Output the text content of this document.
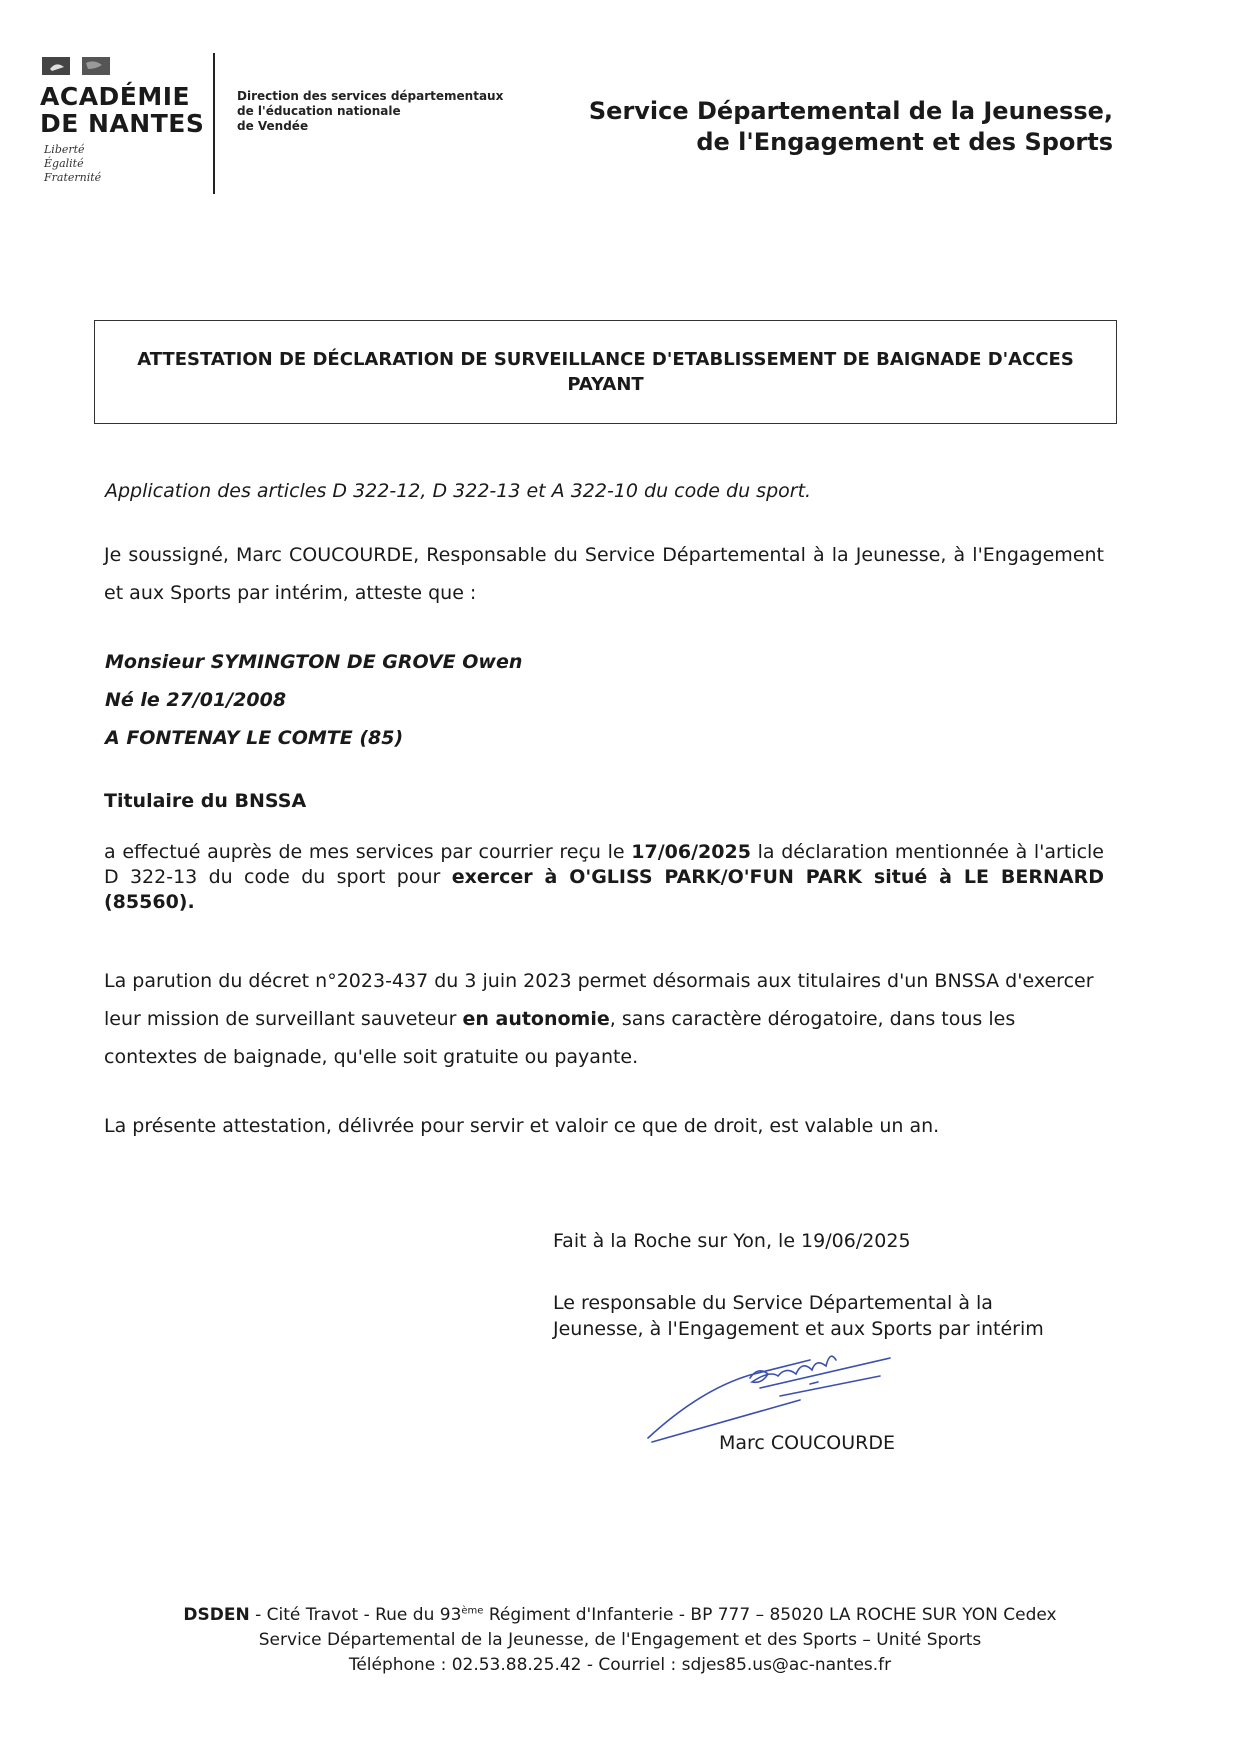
ACADÉMIE
DE NANTES
Liberté
Égalité
Fraternité
Direction des services départementaux
de l'éducation nationale
de Vendée
Service Départemental de la Jeunesse,
de l'Engagement et des Sports
ATTESTATION DE DÉCLARATION DE SURVEILLANCE D'ETABLISSEMENT DE BAIGNADE D'ACCES PAYANT
Application des articles D 322-12, D 322-13 et A 322-10 du code du sport.
Je soussigné, Marc COUCOURDE, Responsable du Service Départemental à la Jeunesse, à l'Engagement et aux Sports par intérim, atteste que :
Monsieur SYMINGTON DE GROVE Owen
Né le 27/01/2008
A FONTENAY LE COMTE (85)
Titulaire du BNSSA
a effectué auprès de mes services par courrier reçu le 17/06/2025 la déclaration mentionnée à l'article D 322-13 du code du sport pour exercer à O'GLISS PARK/O'FUN PARK situé à LE BERNARD (85560).
La parution du décret n°2023-437 du 3 juin 2023 permet désormais aux titulaires d'un BNSSA d'exercer leur mission de surveillant sauveteur en autonomie, sans caractère dérogatoire, dans tous les contextes de baignade, qu'elle soit gratuite ou payante.
La présente attestation, délivrée pour servir et valoir ce que de droit, est valable un an.
Fait à la Roche sur Yon, le 19/06/2025
Le responsable du Service Départemental à la Jeunesse, à l'Engagement et aux Sports par intérim
Marc COUCOURDE
DSDEN - Cité Travot - Rue du 93ème Régiment d'Infanterie - BP 777 – 85020 LA ROCHE SUR YON Cedex
Service Départemental de la Jeunesse, de l'Engagement et des Sports – Unité Sports
Téléphone : 02.53.88.25.42 - Courriel : sdjes85.us@ac-nantes.fr
